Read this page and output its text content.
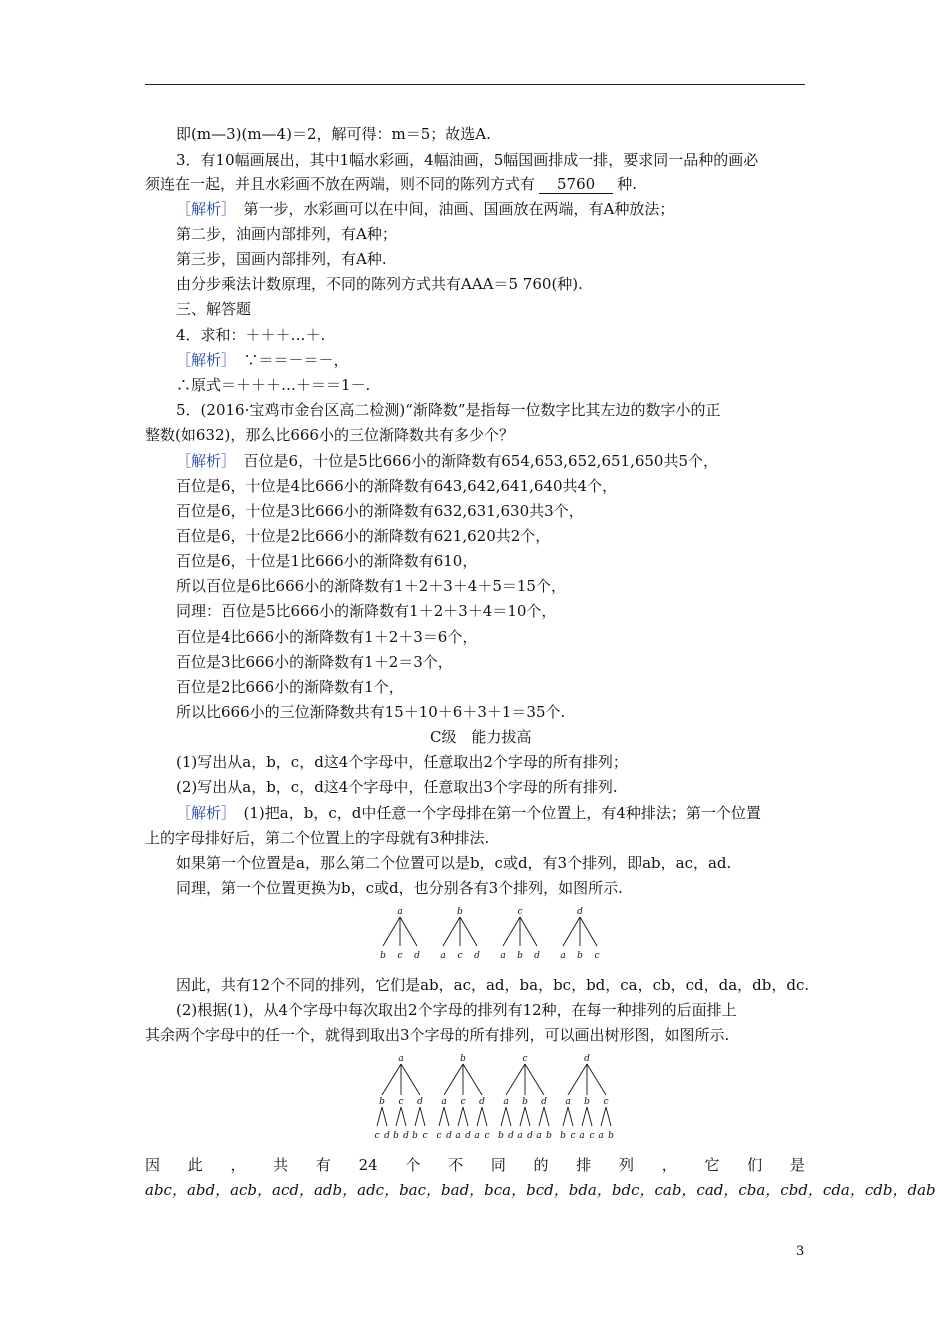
即(m—3)(m—4)＝2，解可得：m＝5；故选A.
3．有10幅画展出，其中1幅水彩画，4幅油画，5幅国画排成一排，要求同一品种的画必
须连在一起，并且水彩画不放在两端，则不同的陈列方式有 5760 种.
［解析］　 第一步，水彩画可以在中间，油画、国画放在两端，有A种放法；
第二步，油画内部排列，有A种；
第三步，国画内部排列，有A种.
由分步乘法计数原理，不同的陈列方式共有AAA＝5 760(种).
三、解答题
4．求和：＋＋＋…＋.
［解析］　 ∵＝＝－＝－，
∴原式＝＋＋＋…＋＝＝1－.
5．(2016·宝鸡市金台区高二检测)“渐降数”是指每一位数字比其左边的数字小的正
整数(如632)，那么比666小的三位渐降数共有多少个？
［解析］　 百位是6，十位是5比666小的渐降数有654,653,652,651,650共5个，
百位是6，十位是4比666小的渐降数有643,642,641,640共4个，
百位是6，十位是3比666小的渐降数有632,631,630共3个，
百位是6，十位是2比666小的渐降数有621,620共2个，
百位是6，十位是1比666小的渐降数有610，
所以百位是6比666小的渐降数有1＋2＋3＋4＋5＝15个，
同理：百位是5比666小的渐降数有1＋2＋3＋4＝10个，
百位是4比666小的渐降数有1＋2＋3＝6个，
百位是3比666小的渐降数有1＋2＝3个，
百位是2比666小的渐降数有1个，
所以比666小的三位渐降数共有15＋10＋6＋3＋1＝35个.
C级　能力拔高
(1)写出从a，b，c，d这4个字母中，任意取出2个字母的所有排列；
(2)写出从a，b，c，d这4个字母中，任意取出3个字母的所有排列.
［解析］　 (1)把a，b，c，d中任意一个字母排在第一个位置上，有4种排法；第一个位置
上的字母排好后，第二个位置上的字母就有3种排法.
如果第一个位置是a，那么第二个位置可以是b，c或d，有3个排列，即ab，ac，ad.
同理，第一个位置更换为b，c或d，也分别各有3个排列，如图所示.
a
b c d
b
a c d
c
a b d
d
a b c
因此，共有12个不同的排列，它们是ab，ac，ad，ba，bc，bd，ca，cb，cd，da，db，dc.
(2)根据(1)，从4个字母中每次取出2个字母的排列有12种，在每一种排列的后面排上
其余两个字母中的任一个，就得到取出3个字母的所有排列，可以画出树形图，如图所示.
a
b
c d
c
b d
d
b c
b
a
c d
c
a d
d
a c
c
a
b d
b
a d
d
a b
d
a
b c
b
a c
c
a b
因 此 ， 共 有 24 个 不 同 的 排 列 ， 它 们 是
abc，abd，acb，acd，adb，adc，bac，bad，bca，bcd，bda，bdc，cab，cad，cba，cbd，cda，cdb，dab
3
